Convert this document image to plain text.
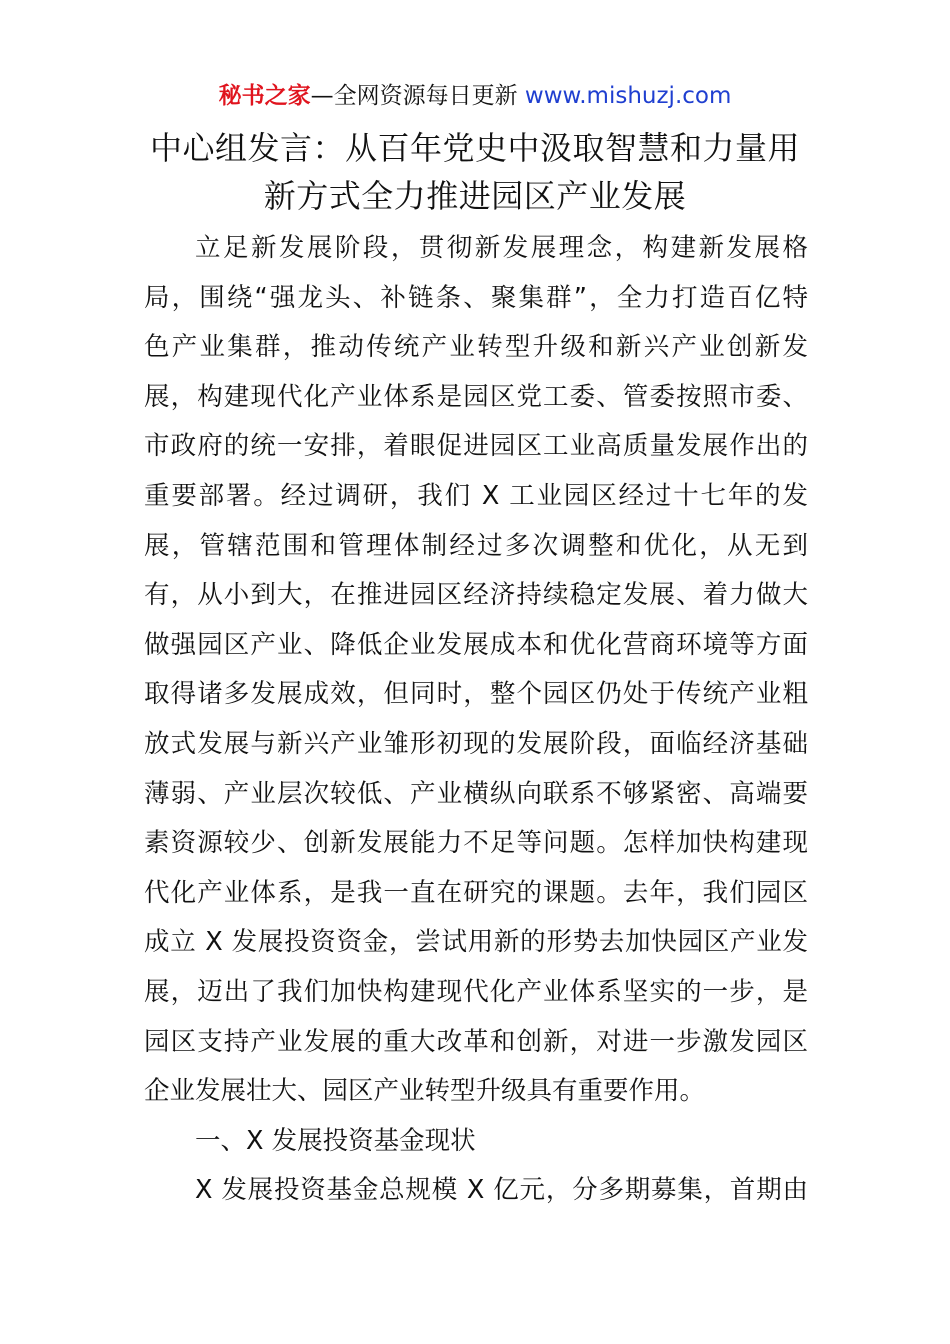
秘书之家—全网资源每日更新 www.mishuzj.com
中心组发言：从百年党史中汲取智慧和力量用
新方式全力推进园区产业发展
立足新发展阶段，贯彻新发展理念，构建新发展格
局，围绕“强龙头、补链条、聚集群”，全力打造百亿特
色产业集群，推动传统产业转型升级和新兴产业创新发
展，构建现代化产业体系是园区党工委、管委按照市委、
市政府的统一安排，着眼促进园区工业高质量发展作出的
重要部署。经过调研，我们 X 工业园区经过十七年的发
展，管辖范围和管理体制经过多次调整和优化，从无到
有，从小到大，在推进园区经济持续稳定发展、着力做大
做强园区产业、降低企业发展成本和优化营商环境等方面
取得诸多发展成效，但同时，整个园区仍处于传统产业粗
放式发展与新兴产业雏形初现的发展阶段，面临经济基础
薄弱、产业层次较低、产业横纵向联系不够紧密、高端要
素资源较少、创新发展能力不足等问题。怎样加快构建现
代化产业体系，是我一直在研究的课题。去年，我们园区
成立 X 发展投资资金，尝试用新的形势去加快园区产业发
展，迈出了我们加快构建现代化产业体系坚实的一步，是
园区支持产业发展的重大改革和创新，对进一步激发园区
企业发展壮大、园区产业转型升级具有重要作用。
一、X 发展投资基金现状
X 发展投资基金总规模 X 亿元，分多期募集，首期由
